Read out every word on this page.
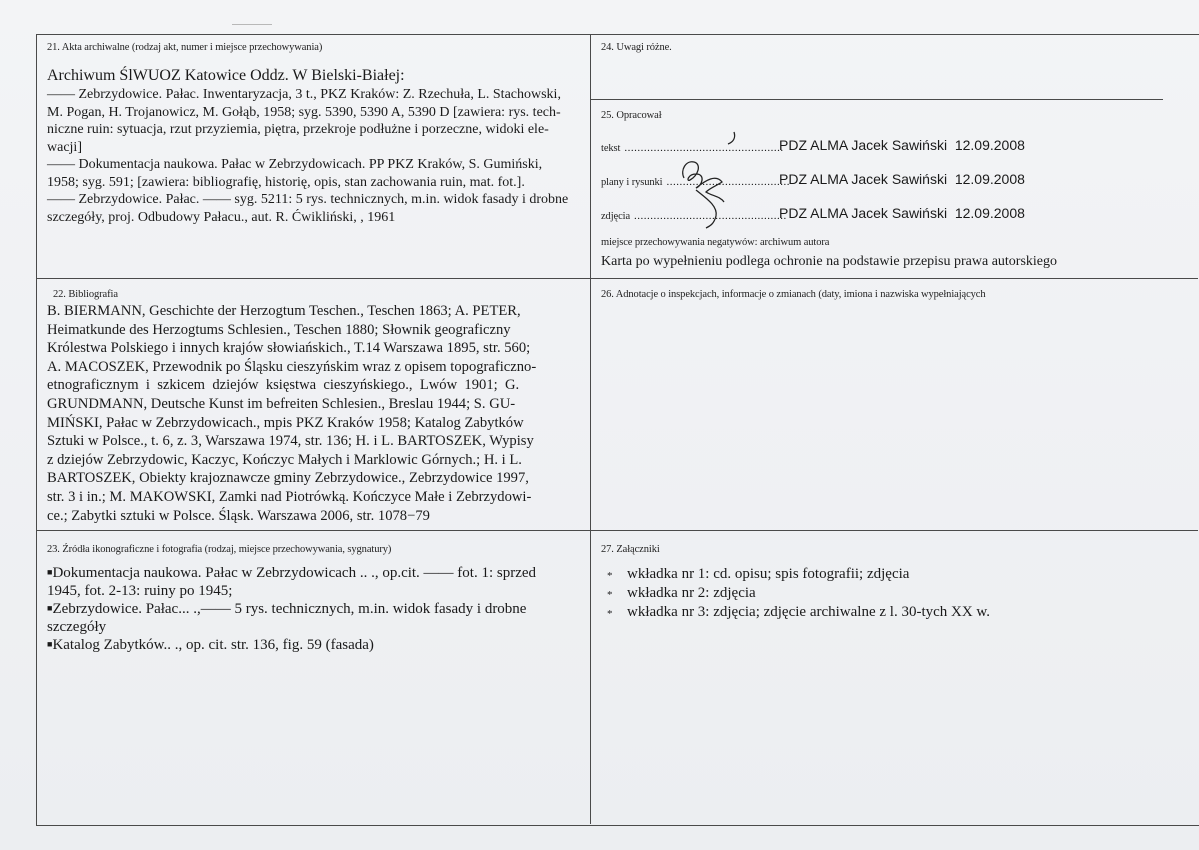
21. Akta archiwalne (rodzaj akt, numer i miejsce przechowywania)
Archiwum ŚlWUOZ Katowice Oddz. W Bielski-Białej:
—— Zebrzydowice. Pałac. Inwentaryzacja, 3 t., PKZ Kraków: Z. Rzechuła, L. Stachowski,
M. Pogan, H. Trojanowicz, M. Gołąb, 1958; syg. 5390, 5390 A, 5390 D [zawiera: rys. tech-
niczne ruin: sytuacja, rzut przyziemia, piętra, przekroje podłużne i porzeczne, widoki ele-
wacji]
—— Dokumentacja naukowa. Pałac w Zebrzydowicach. PP PKZ Kraków, S. Gumiński,
1958; syg. 591; [zawiera: bibliografię, historię, opis, stan zachowania ruin, mat. fot.].
—— Zebrzydowice. Pałac. —— syg. 5211: 5 rys. technicznych, m.in. widok fasady i drobne
szczegóły, proj. Odbudowy Pałacu., aut. R. Ćwikliński, , 1961
24. Uwagi różne.
25. Opracował
tekst .................................................
PDZ ALMA Jacek Sawiński  12.09.2008
plany i rysunki ......................................
PDZ ALMA Jacek Sawiński  12.09.2008
zdjęcia ...............................................
PDZ ALMA Jacek Sawiński  12.09.2008
miejsce przechowywania negatywów: archiwum autora
Karta po wypełnieniu podlega ochronie na podstawie przepisu prawa autorskiego
22. Bibliografia
B. BIERMANN, Geschichte der Herzogtum Teschen., Teschen 1863; A. PETER,
Heimatkunde des Herzogtums Schlesien., Teschen 1880; Słownik geograficzny
Królestwa Polskiego i innych krajów słowiańskich., T.14 Warszawa 1895, str. 560;
A. MACOSZEK, Przewodnik po Śląsku cieszyńskim wraz z opisem topograficzno-
etnograficznym  i  szkicem  dziejów  księstwa  cieszyńskiego.,  Lwów  1901;  G.
GRUNDMANN, Deutsche Kunst im befreiten Schlesien., Breslau 1944; S. GU-
MIŃSKI, Pałac w Zebrzydowicach., mpis PKZ Kraków 1958; Katalog Zabytków
Sztuki w Polsce., t. 6, z. 3, Warszawa 1974, str. 136; H. i L. BARTOSZEK, Wypisy
z dziejów Zebrzydowic, Kaczyc, Kończyc Małych i Marklowic Górnych.; H. i L.
BARTOSZEK, Obiekty krajoznawcze gminy Zebrzydowice., Zebrzydowice 1997,
str. 3 i in.; M. MAKOWSKI, Zamki nad Piotrówką. Kończyce Małe i Zebrzydowi-
ce.; Zabytki sztuki w Polsce. Śląsk. Warszawa 2006, str. 1078−79
26. Adnotacje o inspekcjach, informacje o zmianach (daty, imiona i nazwiska wypełniających
23. Źródła ikonograficzne i fotografia (rodzaj, miejsce przechowywania, sygnatury)
■Dokumentacja naukowa. Pałac w Zebrzydowicach .. ., op.cit. —— fot. 1: sprzed
1945, fot. 2-13: ruiny po 1945;
■Zebrzydowice. Pałac... .,—— 5 rys. technicznych, m.in. widok fasady i drobne
szczegóły
■Katalog Zabytków.. ., op. cit. str. 136, fig. 59 (fasada)
27. Załączniki
* wkładka nr 1: cd. opisu; spis fotografii; zdjęcia
* wkładka nr 2: zdjęcia
* wkładka nr 3: zdjęcia; zdjęcie archiwalne z l. 30-tych XX w.
